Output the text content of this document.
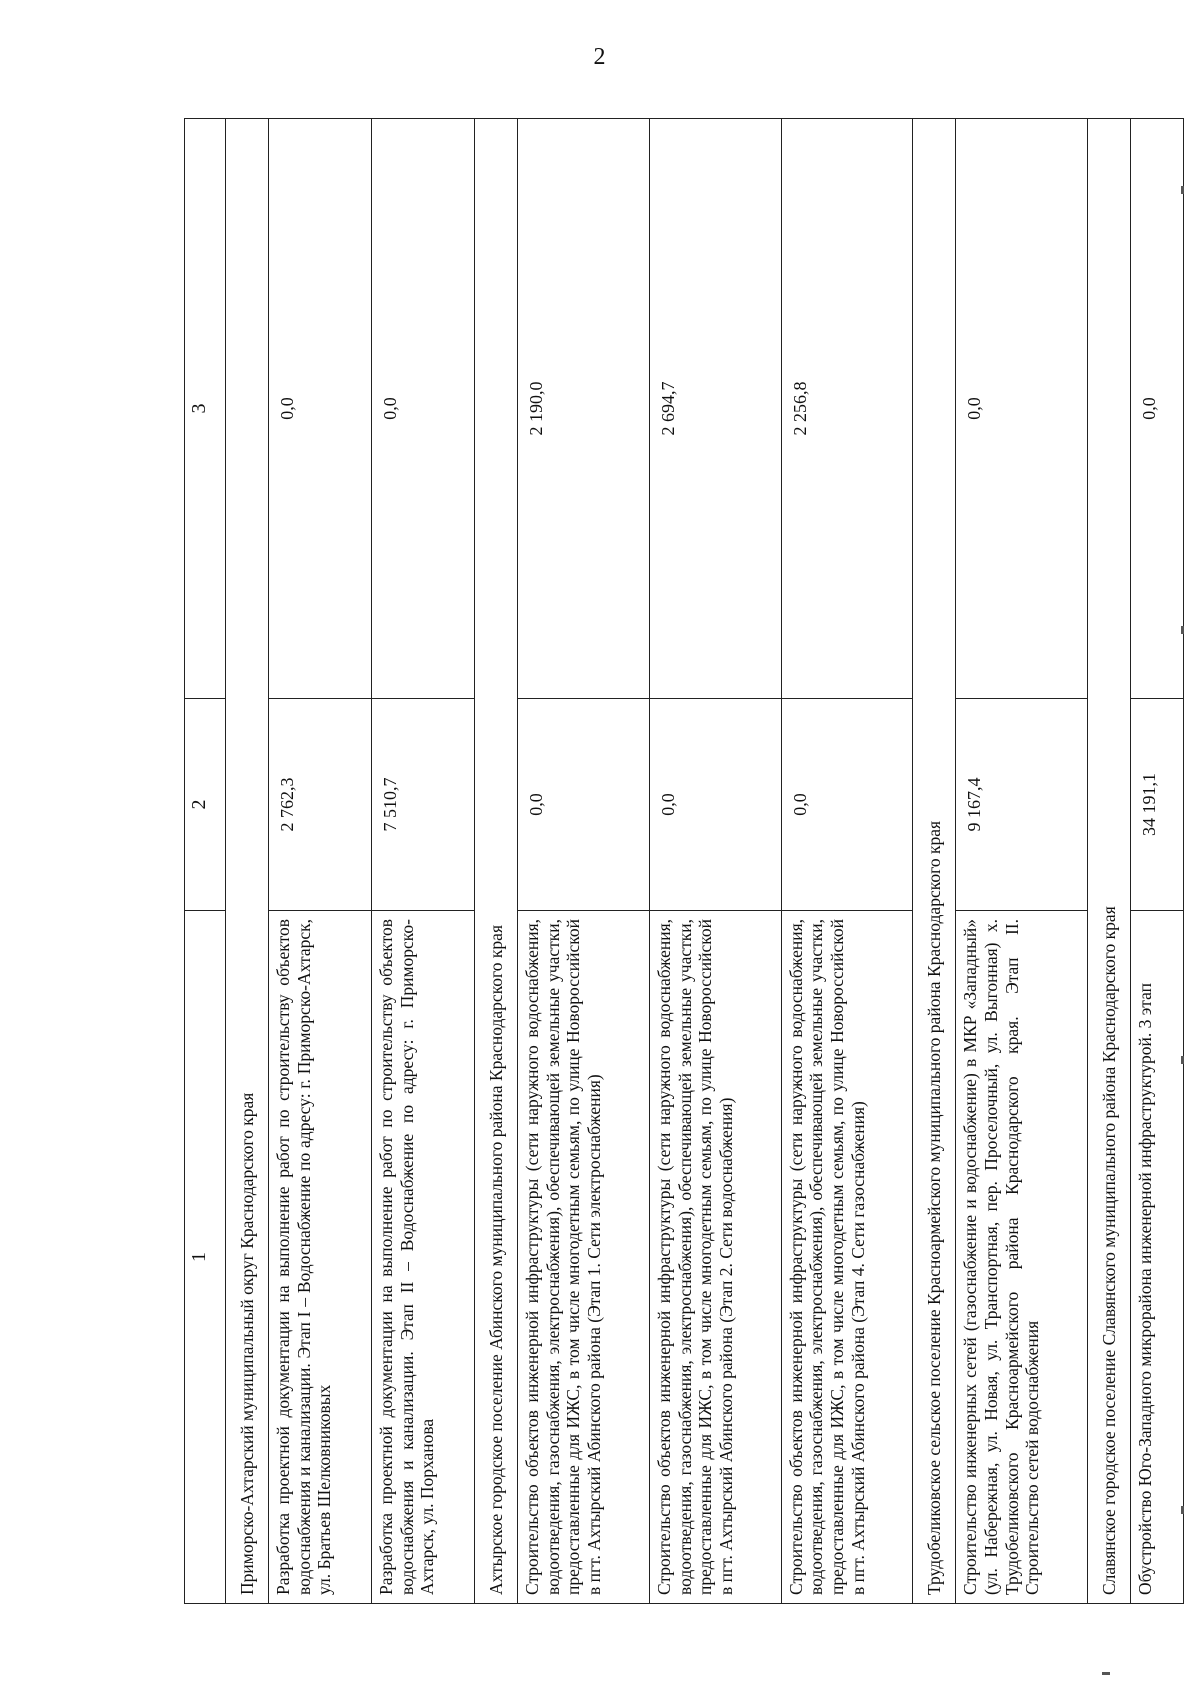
2
1	2	3
Приморско-Ахтарский муниципальный округ Краснодарского края		
Разработка проектной документации на выполнение работ по строительству объектов водоснабжения и канализации. Этап I – Водоснабжение по адресу: г. Приморско-Ахтарск, ул. Братьев Шелковниковых	2 762,3	0,0
Разработка проектной документации на выполнение работ по строительству объектов водоснабжения и канализации. Этап II – Водоснабжение по адресу: г. Приморско-Ахтарск, ул. Порханова	7 510,7	0,0
Ахтырское городское поселение Абинского муниципального района Краснодарского края		
Строительство объектов инженерной инфраструктуры (сети наружного водоснабжения, водоотведения, газоснабжения, электроснабжения), обеспечивающей земельные участки, предоставленные для ИЖС, в том числе многодетным семьям, по улице Новороссийской в пгт. Ахтырский Абинского района (Этап 1. Сети электроснабжения)	0,0	2 190,0
Строительство объектов инженерной инфраструктуры (сети наружного водоснабжения, водоотведения, газоснабжения, электроснабжения), обеспечивающей земельные участки, предоставленные для ИЖС, в том числе многодетным семьям, по улице Новороссийской в пгт. Ахтырский Абинского района (Этап 2. Сети водоснабжения)	0,0	2 694,7
Строительство объектов инженерной инфраструктуры (сети наружного водоснабжения, водоотведения, газоснабжения, электроснабжения), обеспечивающей земельные участки, предоставленные для ИЖС, в том числе многодетным семьям, по улице Новороссийской в пгт. Ахтырский Абинского района (Этап 4. Сети газоснабжения)	0,0	2 256,8
Трудобеликовское сельское поселение Красноармейского муниципального района Краснодарского края		
Строительство инженерных сетей (газоснабжение и водоснабжение) в МКР «Западный» (ул. Набережная, ул. Новая, ул. Транспортная, пер. Проселочный, ул. Выгонная) х. Трудобеликовского Красноармейского района Краснодарского края. Этап II. Строительство сетей водоснабжения	9 167,4	0,0
Славянское городское поселение Славянского муниципального района Краснодарского края		
Обустройство Юго-Западного микрорайона инженерной инфраструктурой. 3 этап	34 191,1	0,0
